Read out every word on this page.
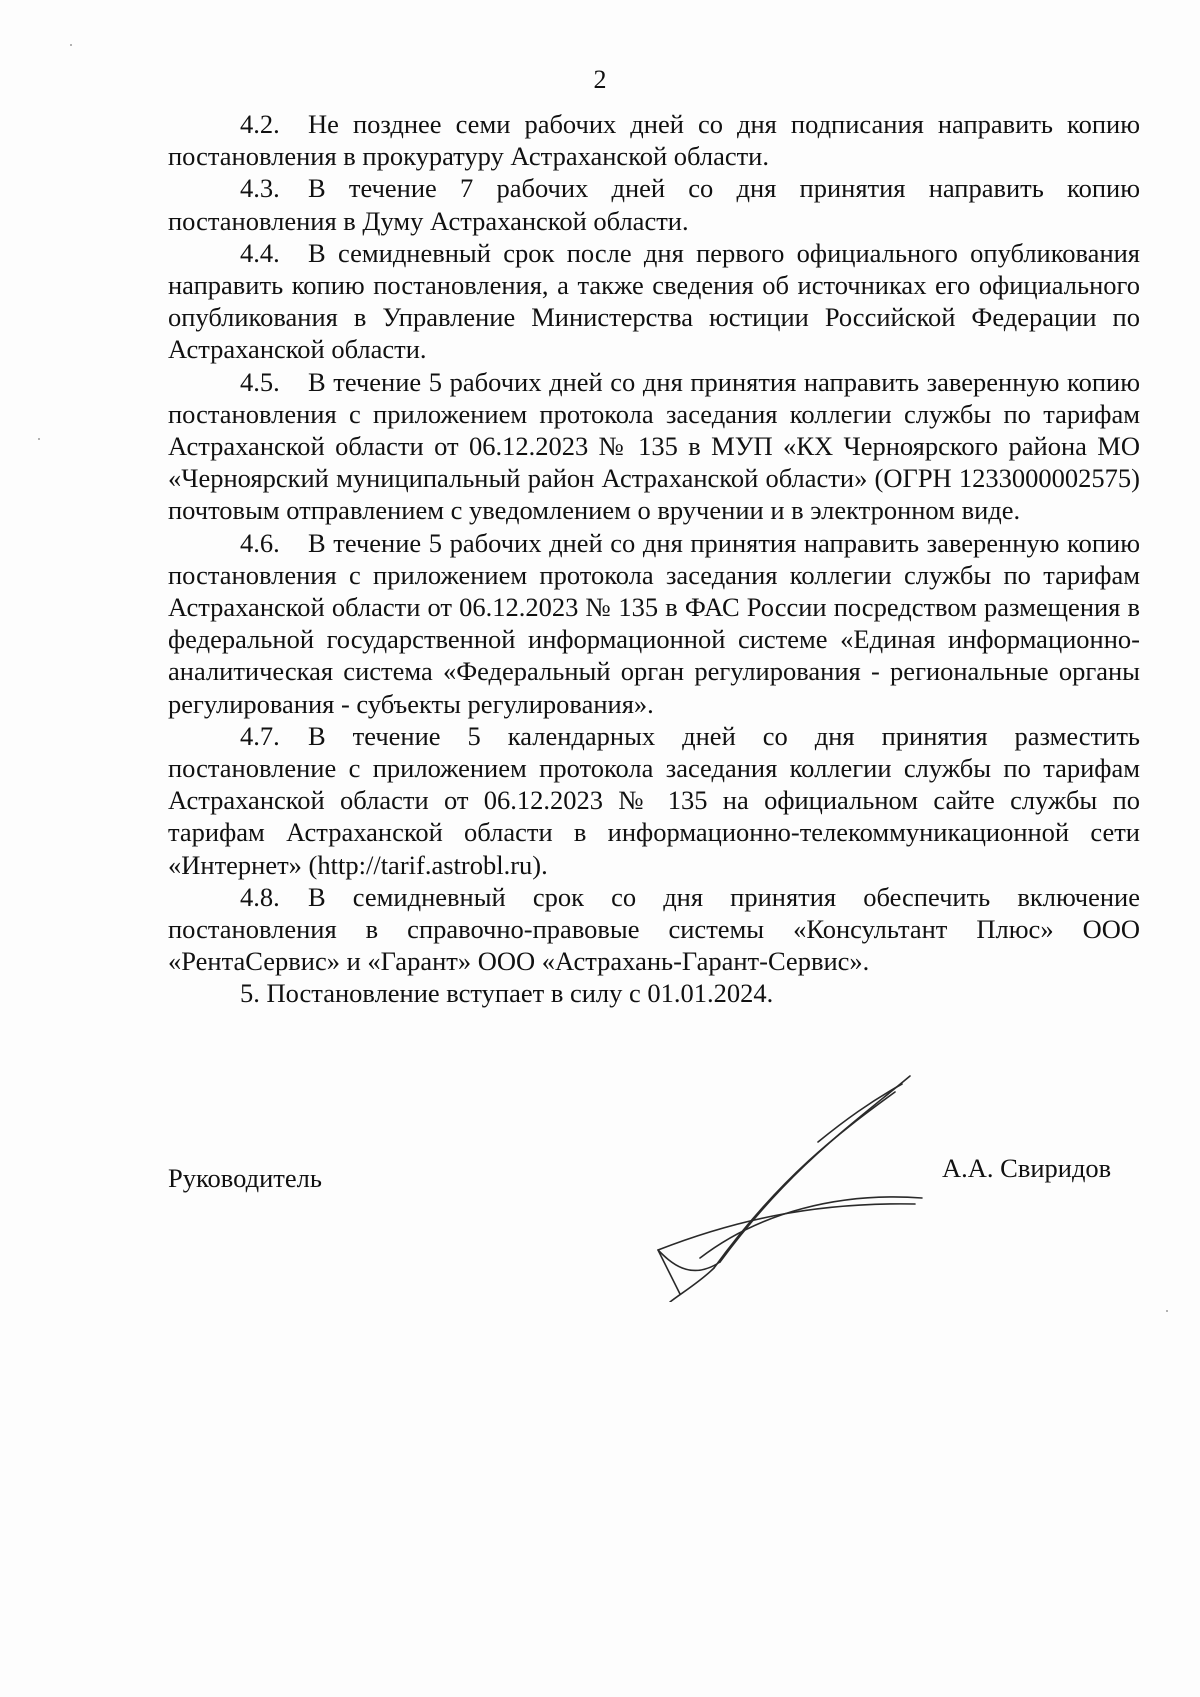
2

4.2. Не позднее семи рабочих дней со дня подписания направить копию постановления в прокуратуру Астраханской области.

4.3. В течение 7 рабочих дней со дня принятия направить копию постановления в Думу Астраханской области.

4.4. В семидневный срок после дня первого официального опубликования направить копию постановления, а также сведения об источниках его официального опубликования в Управление Министерства юстиции Российской Федерации по Астраханской области.

4.5. В течение 5 рабочих дней со дня принятия направить заверенную копию постановления с приложением протокола заседания коллегии службы по тарифам Астраханской области от 06.12.2023 № 135 в МУП «КХ Черноярского района МО «Черноярский муниципальный район Астраханской области» (ОГРН 1233000002575) почтовым отправлением с уведомлением о вручении и в электронном виде.

4.6. В течение 5 рабочих дней со дня принятия направить заверенную копию постановления с приложением протокола заседания коллегии службы по тарифам Астраханской области от 06.12.2023 № 135 в ФАС России посредством размещения в федеральной государственной информационной системе «Единая информационно-аналитическая система «Федеральный орган регулирования - региональные органы регулирования - субъекты регулирования».

4.7. В течение 5 календарных дней со дня принятия разместить постановление с приложением протокола заседания коллегии службы по тарифам Астраханской области от 06.12.2023 № 135 на официальном сайте службы по тарифам Астраханской области в информационно-телекоммуникационной сети «Интернет» (http://tarif.astrobl.ru).

4.8. В семидневный срок со дня принятия обеспечить включение постановления в справочно-правовые системы «Консультант Плюс» ООО «РентаСервис» и «Гарант» ООО «Астрахань-Гарант-Сервис».

5. Постановление вступает в силу с 01.01.2024.

Руководитель	А.А. Свиридов
